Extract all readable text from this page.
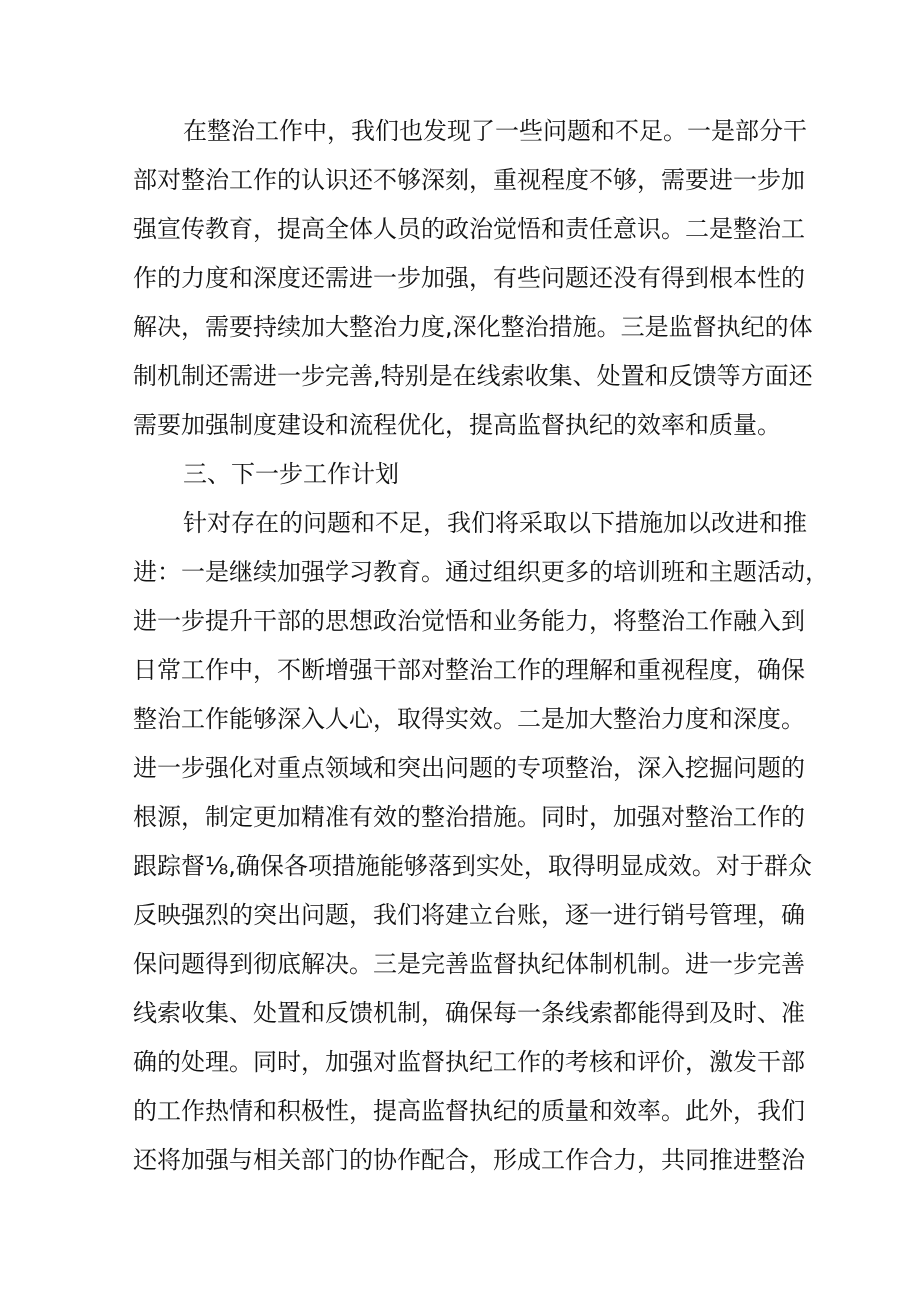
在整治工作中，我们也发现了一些问题和不足。一是部分干
部对整治工作的认识还不够深刻，重视程度不够，需要进一步加
强宣传教育，提高全体人员的政治觉悟和责任意识。二是整治工
作的力度和深度还需进一步加强，有些问题还没有得到根本性的
解决，需要持续加大整治力度,深化整治措施。三是监督执纪的体
制机制还需进一步完善,特别是在线索收集、处置和反馈等方面还
需要加强制度建设和流程优化，提高监督执纪的效率和质量。
三、下一步工作计划
针对存在的问题和不足，我们将采取以下措施加以改进和推
进：一是继续加强学习教育。通过组织更多的培训班和主题活动，
进一步提升干部的思想政治觉悟和业务能力，将整治工作融入到
日常工作中，不断增强干部对整治工作的理解和重视程度，确保
整治工作能够深入人心，取得实效。二是加大整治力度和深度。
进一步强化对重点领域和突出问题的专项整治，深入挖掘问题的
根源，制定更加精准有效的整治措施。同时，加强对整治工作的
跟踪督⅛,确保各项措施能够落到实处，取得明显成效。对于群众
反映强烈的突出问题，我们将建立台账，逐一进行销号管理，确
保问题得到彻底解决。三是完善监督执纪体制机制。进一步完善
线索收集、处置和反馈机制，确保每一条线索都能得到及时、准
确的处理。同时，加强对监督执纪工作的考核和评价，激发干部
的工作热情和积极性，提高监督执纪的质量和效率。此外，我们
还将加强与相关部门的协作配合，形成工作合力，共同推进整治
